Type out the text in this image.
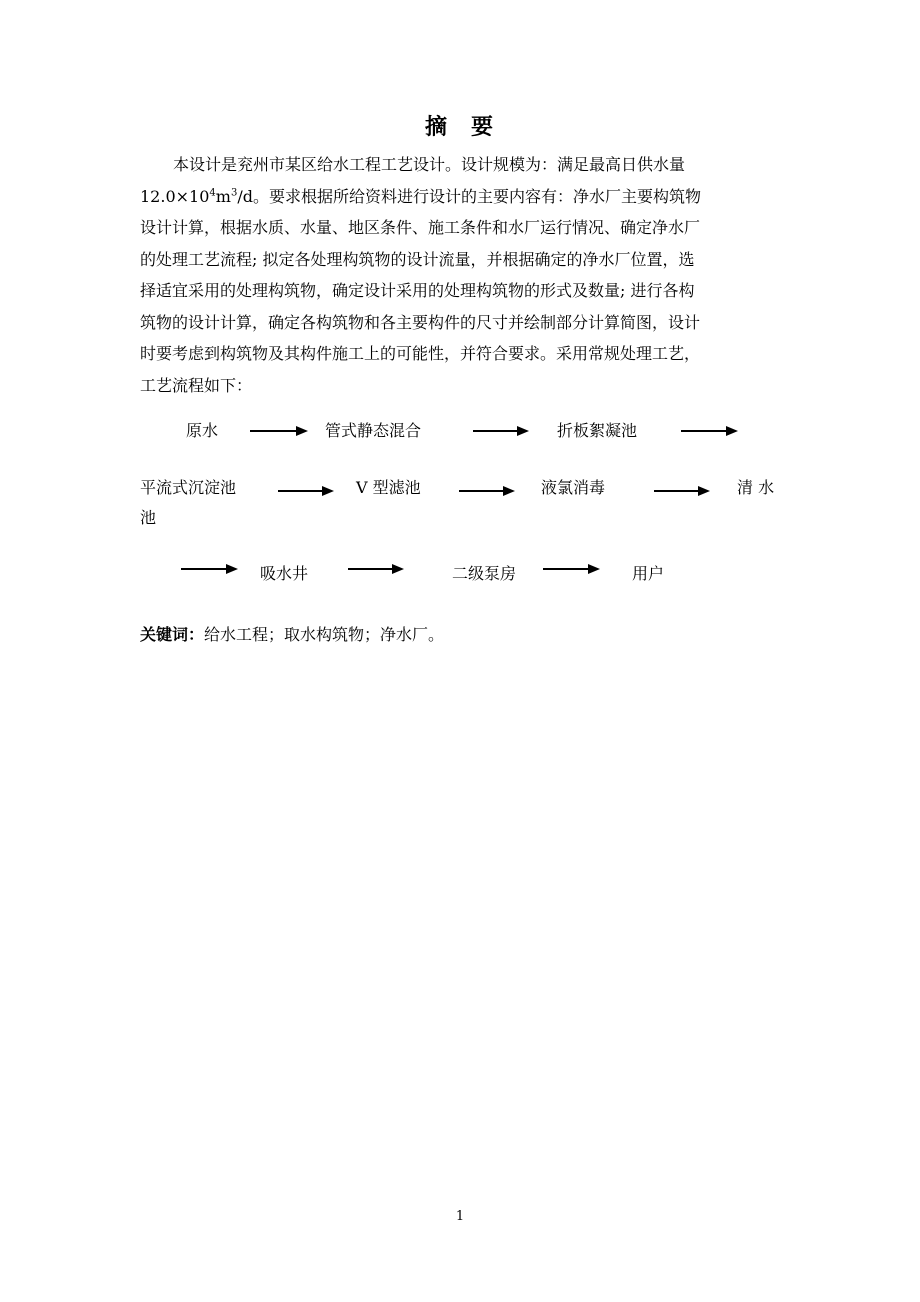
摘 要

本设计是兖州市某区给水工程工艺设计。设计规模为：满足最高日供水量
$12.0\times 10^4m^3/d$。要求根据所给资料进行设计的主要内容有：净水厂主要构筑物
设计计算，根据水质、水量、地区条件、施工条件和水厂运行情况、确定净水厂
的处理工艺流程; 拟定各处理构筑物的设计流量，并根据确定的净水厂位置，选
择适宜采用的处理构筑物，确定设计采用的处理构筑物的形式及数量; 进行各构
筑物的设计计算，确定各构筑物和各主要构件的尺寸并绘制部分计算简图，设计
时要考虑到构筑物及其构件施工上的可能性，并符合要求。采用常规处理工艺，
工艺流程如下：

原水	管式静态混合	折板絮凝池
平流式沉淀池	V 型滤池	液氯消毒	清 水
池
吸水井	二级泵房	用户
关键词：给水工程；取水构筑物；净水厂。
1
